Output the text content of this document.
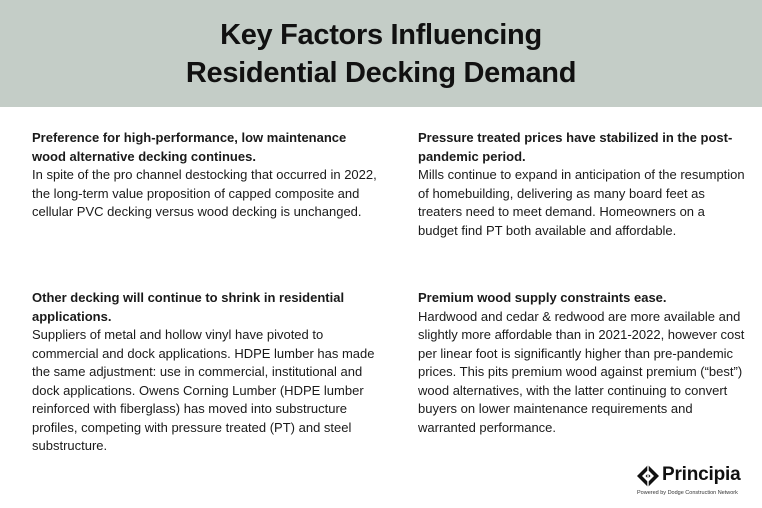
Key Factors Influencing
Residential Decking Demand
Preference for high-performance, low maintenance wood alternative decking continues.
In spite of the pro channel destocking that occurred in 2022, the long-term value proposition of capped composite and cellular PVC decking versus wood decking is unchanged.
Pressure treated prices have stabilized in the post-pandemic period.
Mills continue to expand in anticipation of the resumption of homebuilding, delivering as many board feet as treaters need to meet demand. Homeowners on a budget find PT both available and affordable.
Other decking will continue to shrink in residential applications.
Suppliers of metal and hollow vinyl have pivoted to commercial and dock applications. HDPE lumber has made the same adjustment: use in commercial, institutional and dock applications. Owens Corning Lumber (HDPE lumber reinforced with fiberglass) has moved into substructure profiles, competing with pressure treated (PT) and steel substructure.
Premium wood supply constraints ease.
Hardwood and cedar & redwood are more available and slightly more affordable than in 2021-2022, however cost per linear foot is significantly higher than pre-pandemic prices. This pits premium wood against premium (“best”) wood alternatives, with the latter continuing to convert buyers on lower maintenance requirements and warranted performance.
Principia
Powered by Dodge Construction Network
